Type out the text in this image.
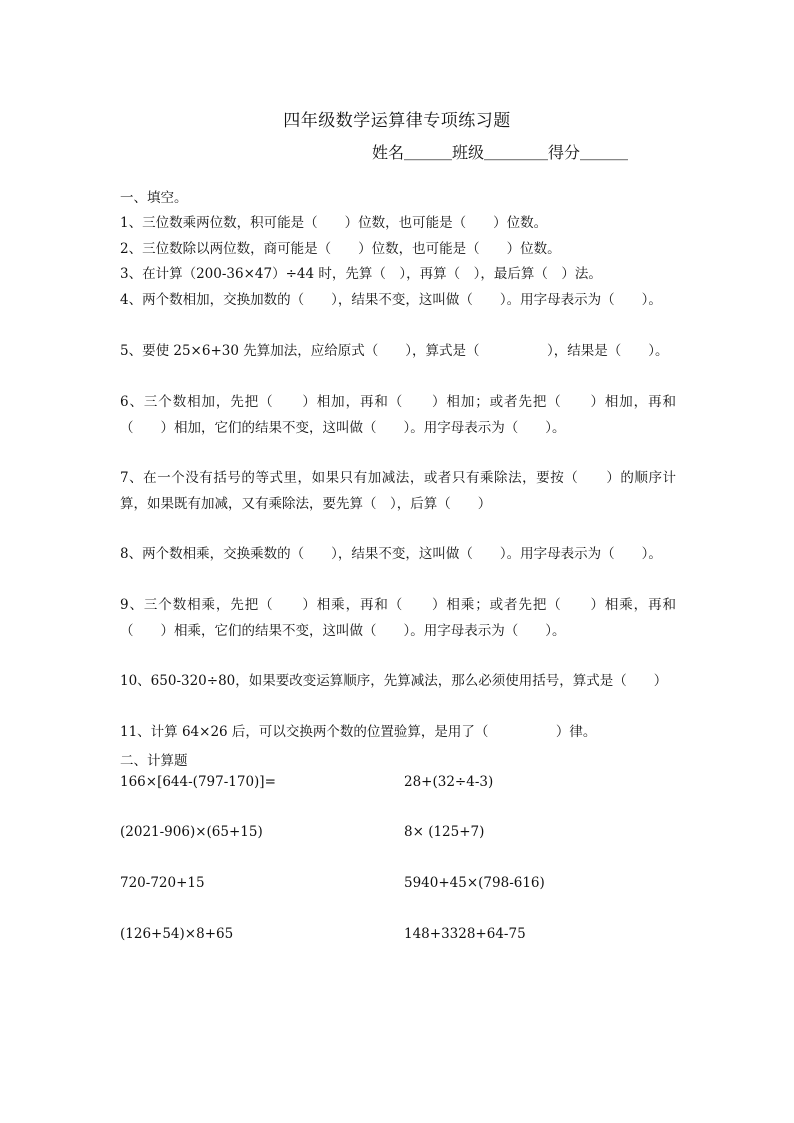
四年级数学运算律专项练习题
姓名＿＿＿班级＿＿＿＿得分＿＿＿
一、填空。
1、三位数乘两位数，积可能是（　　）位数，也可能是（　　）位数。
2、三位数除以两位数，商可能是（　　）位数，也可能是（　　）位数。
3、在计算（200-36×47）÷44 时，先算（　），再算（　），最后算（　）法。
4、两个数相加，交换加数的（　　），结果不变，这叫做（　　）。用字母表示为（　　）。
5、要使 25×6+30 先算加法，应给原式（　　），算式是（　　　　　），结果是（　　）。
6、三个数相加，先把（　　）相加，再和（　　）相加；或者先把（　　）相加，再和（　　）相加，它们的结果不变，这叫做（　　）。用字母表示为（　　）。
7、在一个没有括号的等式里，如果只有加减法，或者只有乘除法，要按（　　）的顺序计算，如果既有加减，又有乘除法，要先算（　），后算（　　）
8、两个数相乘，交换乘数的（　　），结果不变，这叫做（　　）。用字母表示为（　　）。
9、三个数相乘，先把（　　）相乘，再和（　　）相乘；或者先把（　　）相乘，再和（　　）相乘，它们的结果不变，这叫做（　　）。用字母表示为（　　）。
10、650-320÷80，如果要改变运算顺序，先算减法，那么必须使用括号，算式是（　　）
11、计算 64×26 后，可以交换两个数的位置验算，是用了（　　　　　）律。
二、计算题
166×[644-(797-170)]=	28+(32÷4-3)
(2021-906)×(65+15)	8× (125+7)
720-720+15	5940+45×(798-616)
(126+54)×8+65	148+3328+64-75
